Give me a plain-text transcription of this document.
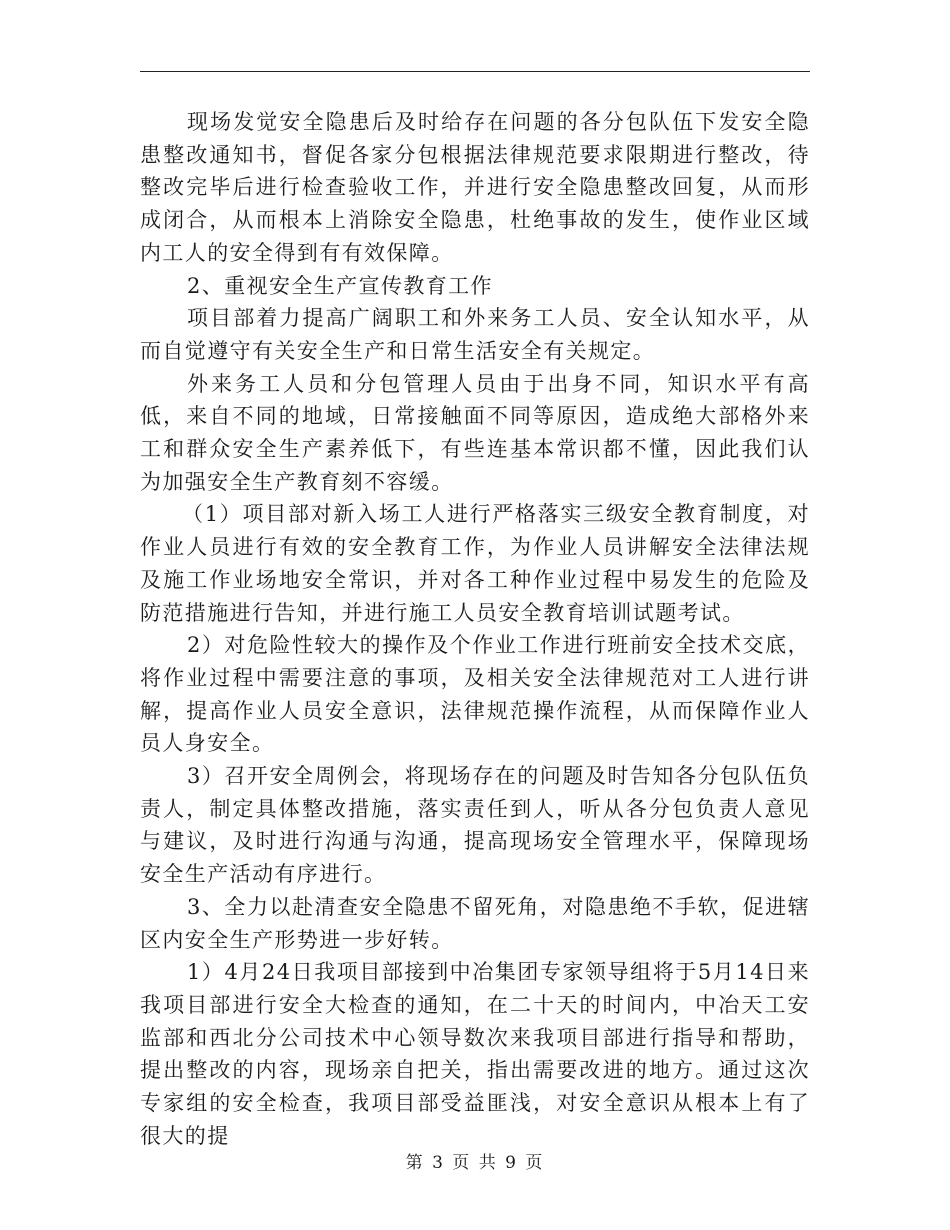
现场发觉安全隐患后及时给存在问题的各分包队伍下发安全隐患整改通知书，督促各家分包根据法律规范要求限期进行整改，待整改完毕后进行检查验收工作，并进行安全隐患整改回复，从而形成闭合，从而根本上消除安全隐患，杜绝事故的发生，使作业区域内工人的安全得到有有效保障。

2、重视安全生产宣传教育工作

项目部着力提高广阔职工和外来务工人员、安全认知水平，从而自觉遵守有关安全生产和日常生活安全有关规定。

外来务工人员和分包管理人员由于出身不同，知识水平有高低，来自不同的地域，日常接触面不同等原因，造成绝大部格外来工和群众安全生产素养低下，有些连基本常识都不懂，因此我们认为加强安全生产教育刻不容缓。

（1）项目部对新入场工人进行严格落实三级安全教育制度，对作业人员进行有效的安全教育工作，为作业人员讲解安全法律法规及施工作业场地安全常识，并对各工种作业过程中易发生的危险及防范措施进行告知，并进行施工人员安全教育培训试题考试。

2）对危险性较大的操作及个作业工作进行班前安全技术交底，将作业过程中需要注意的事项，及相关安全法律规范对工人进行讲解，提高作业人员安全意识，法律规范操作流程，从而保障作业人员人身安全。

3）召开安全周例会，将现场存在的问题及时告知各分包队伍负责人，制定具体整改措施，落实责任到人，听从各分包负责人意见与建议，及时进行沟通与沟通，提高现场安全管理水平，保障现场安全生产活动有序进行。

3、全力以赴清查安全隐患不留死角，对隐患绝不手软，促进辖区内安全生产形势进一步好转。

1）4月24日我项目部接到中冶集团专家领导组将于5月14日来我项目部进行安全大检查的通知，在二十天的时间内，中冶天工安监部和西北分公司技术中心领导数次来我项目部进行指导和帮助，提出整改的内容，现场亲自把关，指出需要改进的地方。通过这次专家组的安全检查，我项目部受益匪浅，对安全意识从根本上有了很大的提

第 3 页 共 9 页
